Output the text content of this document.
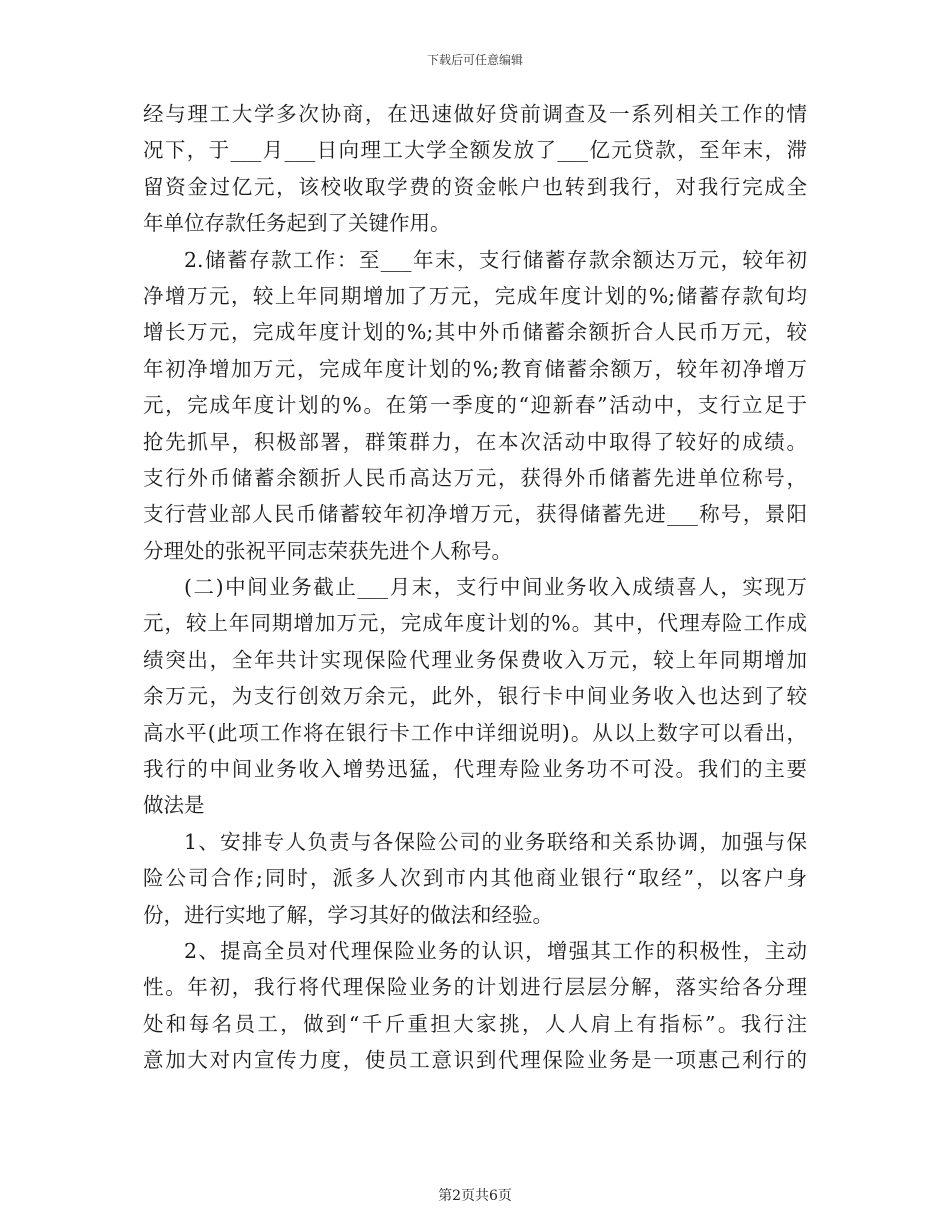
下载后可任意编辑
经与理工大学多次协商，在迅速做好贷前调查及一系列相关工作的情
况下，于___月___日向理工大学全额发放了___亿元贷款，至年末，滞
留资金过亿元，该校收取学费的资金帐户也转到我行，对我行完成全
年单位存款任务起到了关键作用。
2.储蓄存款工作：至___年末，支行储蓄存款余额达万元，较年初
净增万元，较上年同期增加了万元，完成年度计划的%;储蓄存款旬均
增长万元，完成年度计划的%;其中外币储蓄余额折合人民币万元，较
年初净增加万元，完成年度计划的%;教育储蓄余额万，较年初净增万
元，完成年度计划的%。在第一季度的“迎新春”活动中，支行立足于
抢先抓早，积极部署，群策群力，在本次活动中取得了较好的成绩。
支行外币储蓄余额折人民币高达万元，获得外币储蓄先进单位称号，
支行营业部人民币储蓄较年初净增万元，获得储蓄先进___称号，景阳
分理处的张祝平同志荣获先进个人称号。
(二)中间业务截止___月末，支行中间业务收入成绩喜人，实现万
元，较上年同期增加万元，完成年度计划的%。其中，代理寿险工作成
绩突出，全年共计实现保险代理业务保费收入万元，较上年同期增加
余万元，为支行创效万余元，此外，银行卡中间业务收入也达到了较
高水平(此项工作将在银行卡工作中详细说明)。从以上数字可以看出，
我行的中间业务收入增势迅猛，代理寿险业务功不可没。我们的主要
做法是
1、安排专人负责与各保险公司的业务联络和关系协调，加强与保
险公司合作;同时，派多人次到市内其他商业银行“取经”，以客户身
份，进行实地了解，学习其好的做法和经验。
2、提高全员对代理保险业务的认识，增强其工作的积极性，主动
性。年初，我行将代理保险业务的计划进行层层分解，落实给各分理
处和每名员工，做到“千斤重担大家挑，人人肩上有指标”。我行注
意加大对内宣传力度，使员工意识到代理保险业务是一项惠己利行的
第2页共6页
